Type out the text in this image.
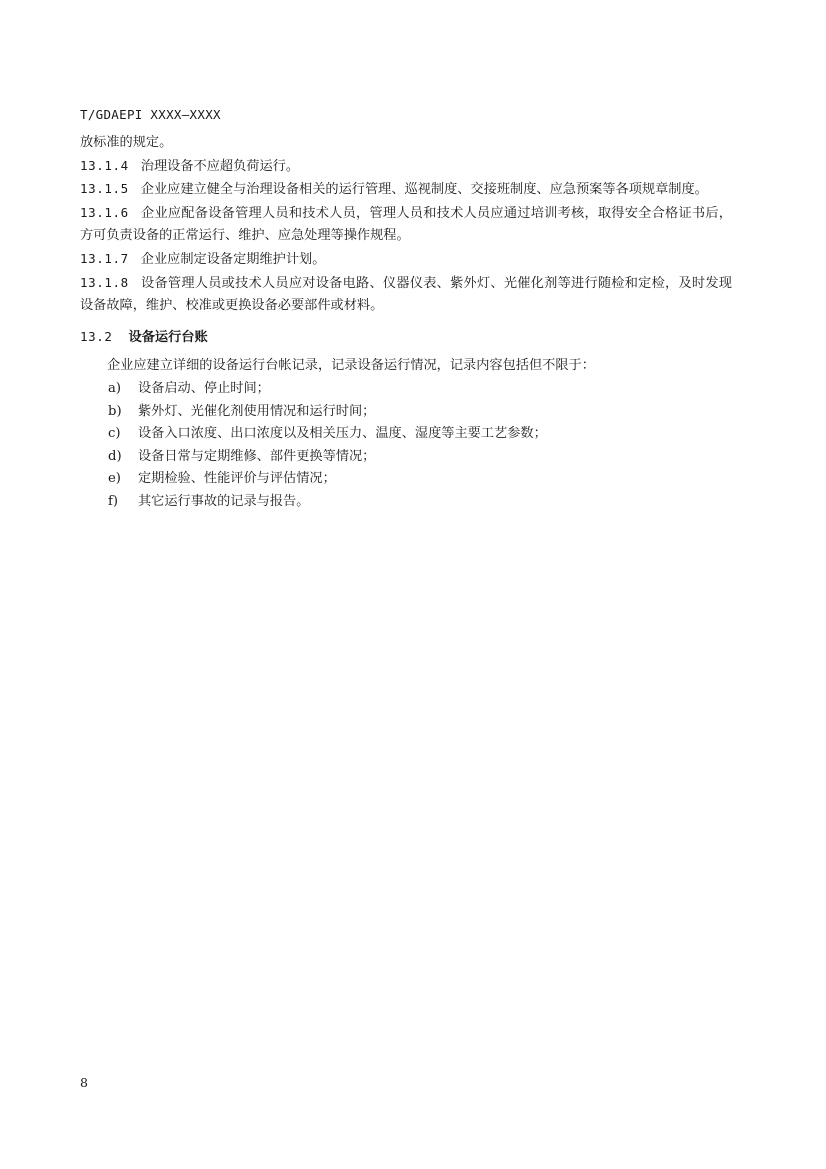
T/GDAEPI XXXX—XXXX

放标准的规定。

13.1.4 治理设备不应超负荷运行。

13.1.5 企业应建立健全与治理设备相关的运行管理、巡视制度、交接班制度、应急预案等各项规章制度。

13.1.6 企业应配备设备管理人员和技术人员，管理人员和技术人员应通过培训考核，取得安全合格证书后，方可负责设备的正常运行、维护、应急处理等操作规程。

13.1.7 企业应制定设备定期维护计划。

13.1.8 设备管理人员或技术人员应对设备电路、仪器仪表、紫外灯、光催化剂等进行随检和定检，及时发现设备故障，维护、校准或更换设备必要部件或材料。

13.2 设备运行台账

企业应建立详细的设备运行台帐记录，记录设备运行情况，记录内容包括但不限于：

a)	设备启动、停止时间；
b)	紫外灯、光催化剂使用情况和运行时间；
c)	设备入口浓度、出口浓度以及相关压力、温度、湿度等主要工艺参数；
d)	设备日常与定期维修、部件更换等情况；
e)	定期检验、性能评价与评估情况；
f)	其它运行事故的记录与报告。
8
